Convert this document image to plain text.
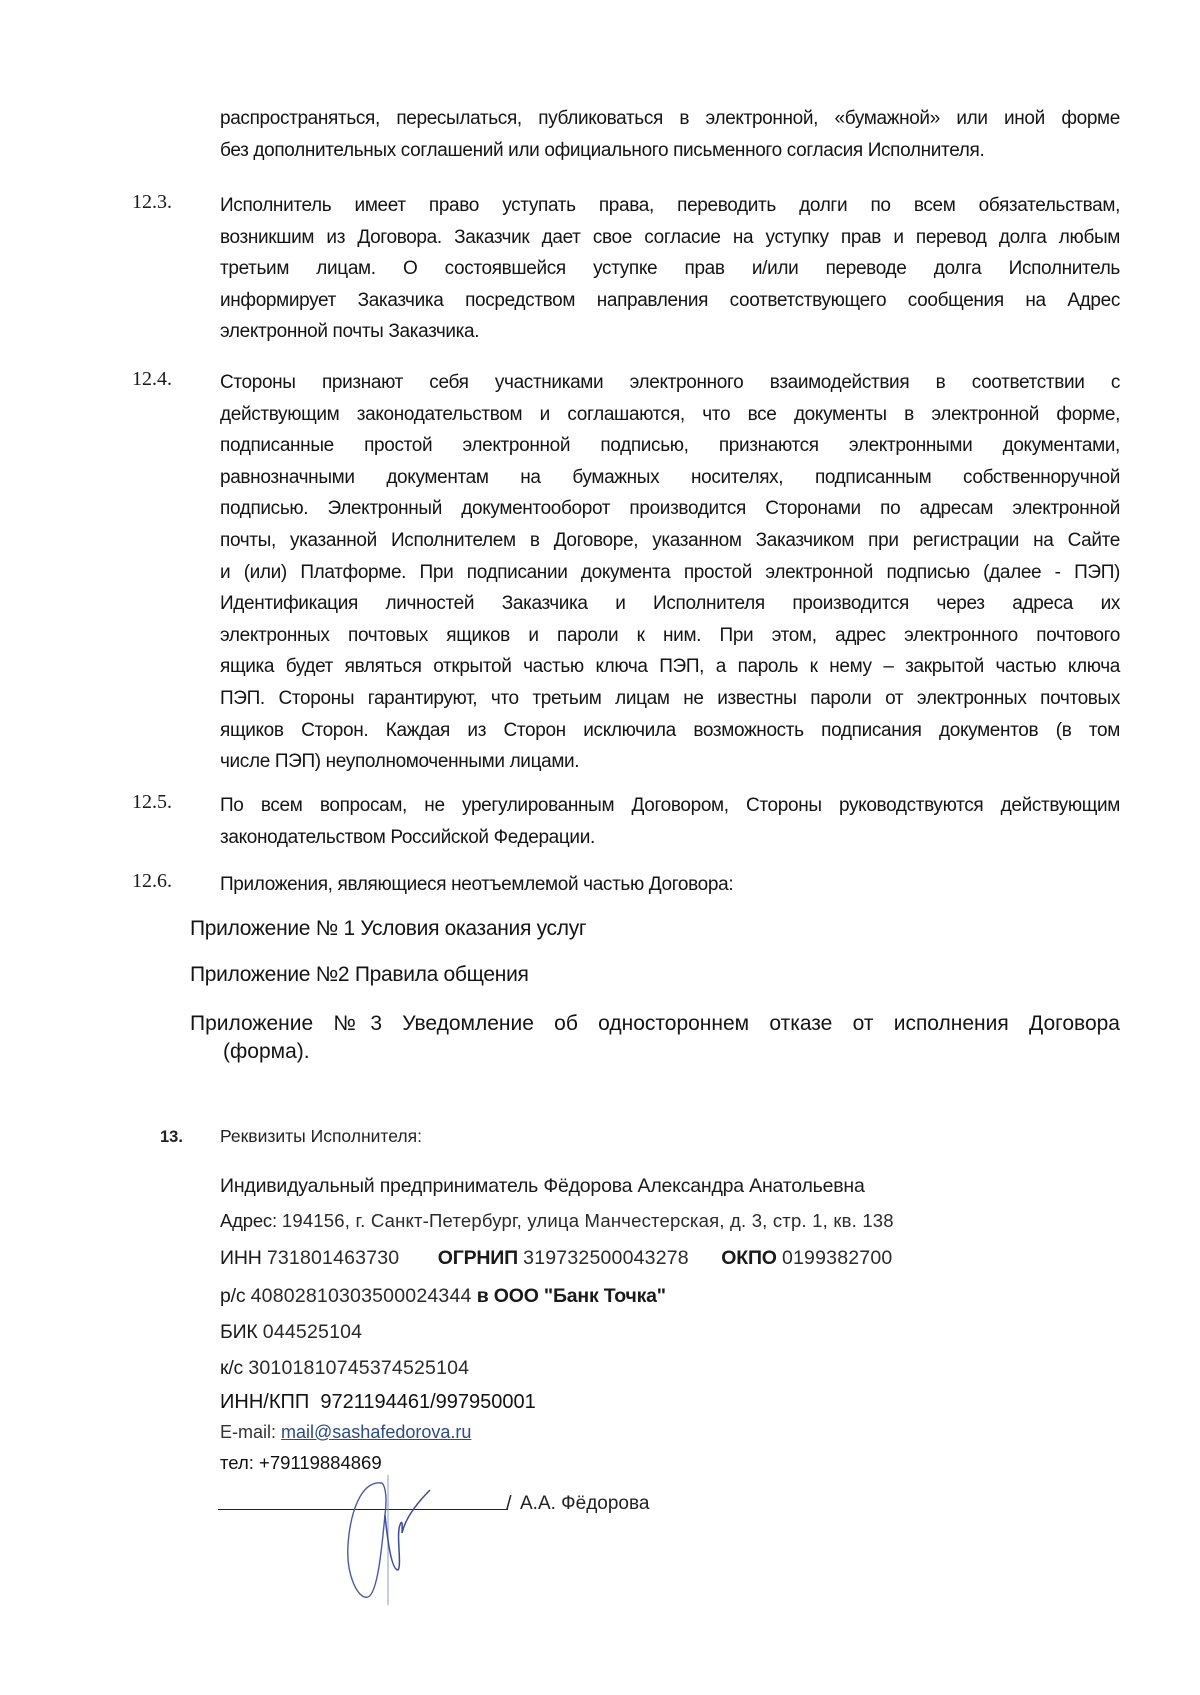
распространяться, пересылаться, публиковаться в электронной, «бумажной» или иной форме
без дополнительных соглашений или официального письменного согласия Исполнителя.
12.3.	Исполнитель имеет право уступать права, переводить долги по всем обязательствам,
возникшим из Договора. Заказчик дает свое согласие на уступку прав и перевод долга любым
третьим лицам. О состоявшейся уступке прав и/или переводе долга Исполнитель
информирует Заказчика посредством направления соответствующего сообщения на Адрес
электронной почты Заказчика.
12.4.	Стороны признают себя участниками электронного взаимодействия в соответствии с
действующим законодательством и соглашаются, что все документы в электронной форме,
подписанные простой электронной подписью, признаются электронными документами,
равнозначными документам на бумажных носителях, подписанным собственноручной
подписью. Электронный документооборот производится Сторонами по адресам электронной
почты, указанной Исполнителем в Договоре, указанном Заказчиком при регистрации на Сайте
и (или) Платформе. При подписании документа простой электронной подписью (далее - ПЭП)
Идентификация личностей Заказчика и Исполнителя производится через адреса их
электронных почтовых ящиков и пароли к ним. При этом, адрес электронного почтового
ящика будет являться открытой частью ключа ПЭП, а пароль к нему – закрытой частью ключа
ПЭП. Стороны гарантируют, что третьим лицам не известны пароли от электронных почтовых
ящиков Сторон. Каждая из Сторон исключила возможность подписания документов (в том
числе ПЭП) неуполномоченными лицами.
12.5.	По всем вопросам, не урегулированным Договором, Стороны руководствуются действующим
законодательством Российской Федерации.
12.6.	Приложения, являющиеся неотъемлемой частью Договора:
Приложение № 1 Условия оказания услуг
Приложение №2 Правила общения
Приложение №3 Уведомление об одностороннем отказе от исполнения Договора
(форма).
13. Реквизиты Исполнителя:
Индивидуальный предприниматель Фёдорова Александра Анатольевна
Адрес: 194156, г. Санкт-Петербург, улица Манчестерская, д. 3, стр. 1, кв. 138
ИНН 731801463730 ОГРНИП 319732500043278 ОКПО 0199382700
р/с 40802810303500024344 в ООО "Банк Точка"
БИК 044525104
к/с 30101810745374525104
ИНН/КПП 9721194461/997950001
E-mail: mail@sashafedorova.ru
тел: +79119884869
/ А.А. Фёдорова
